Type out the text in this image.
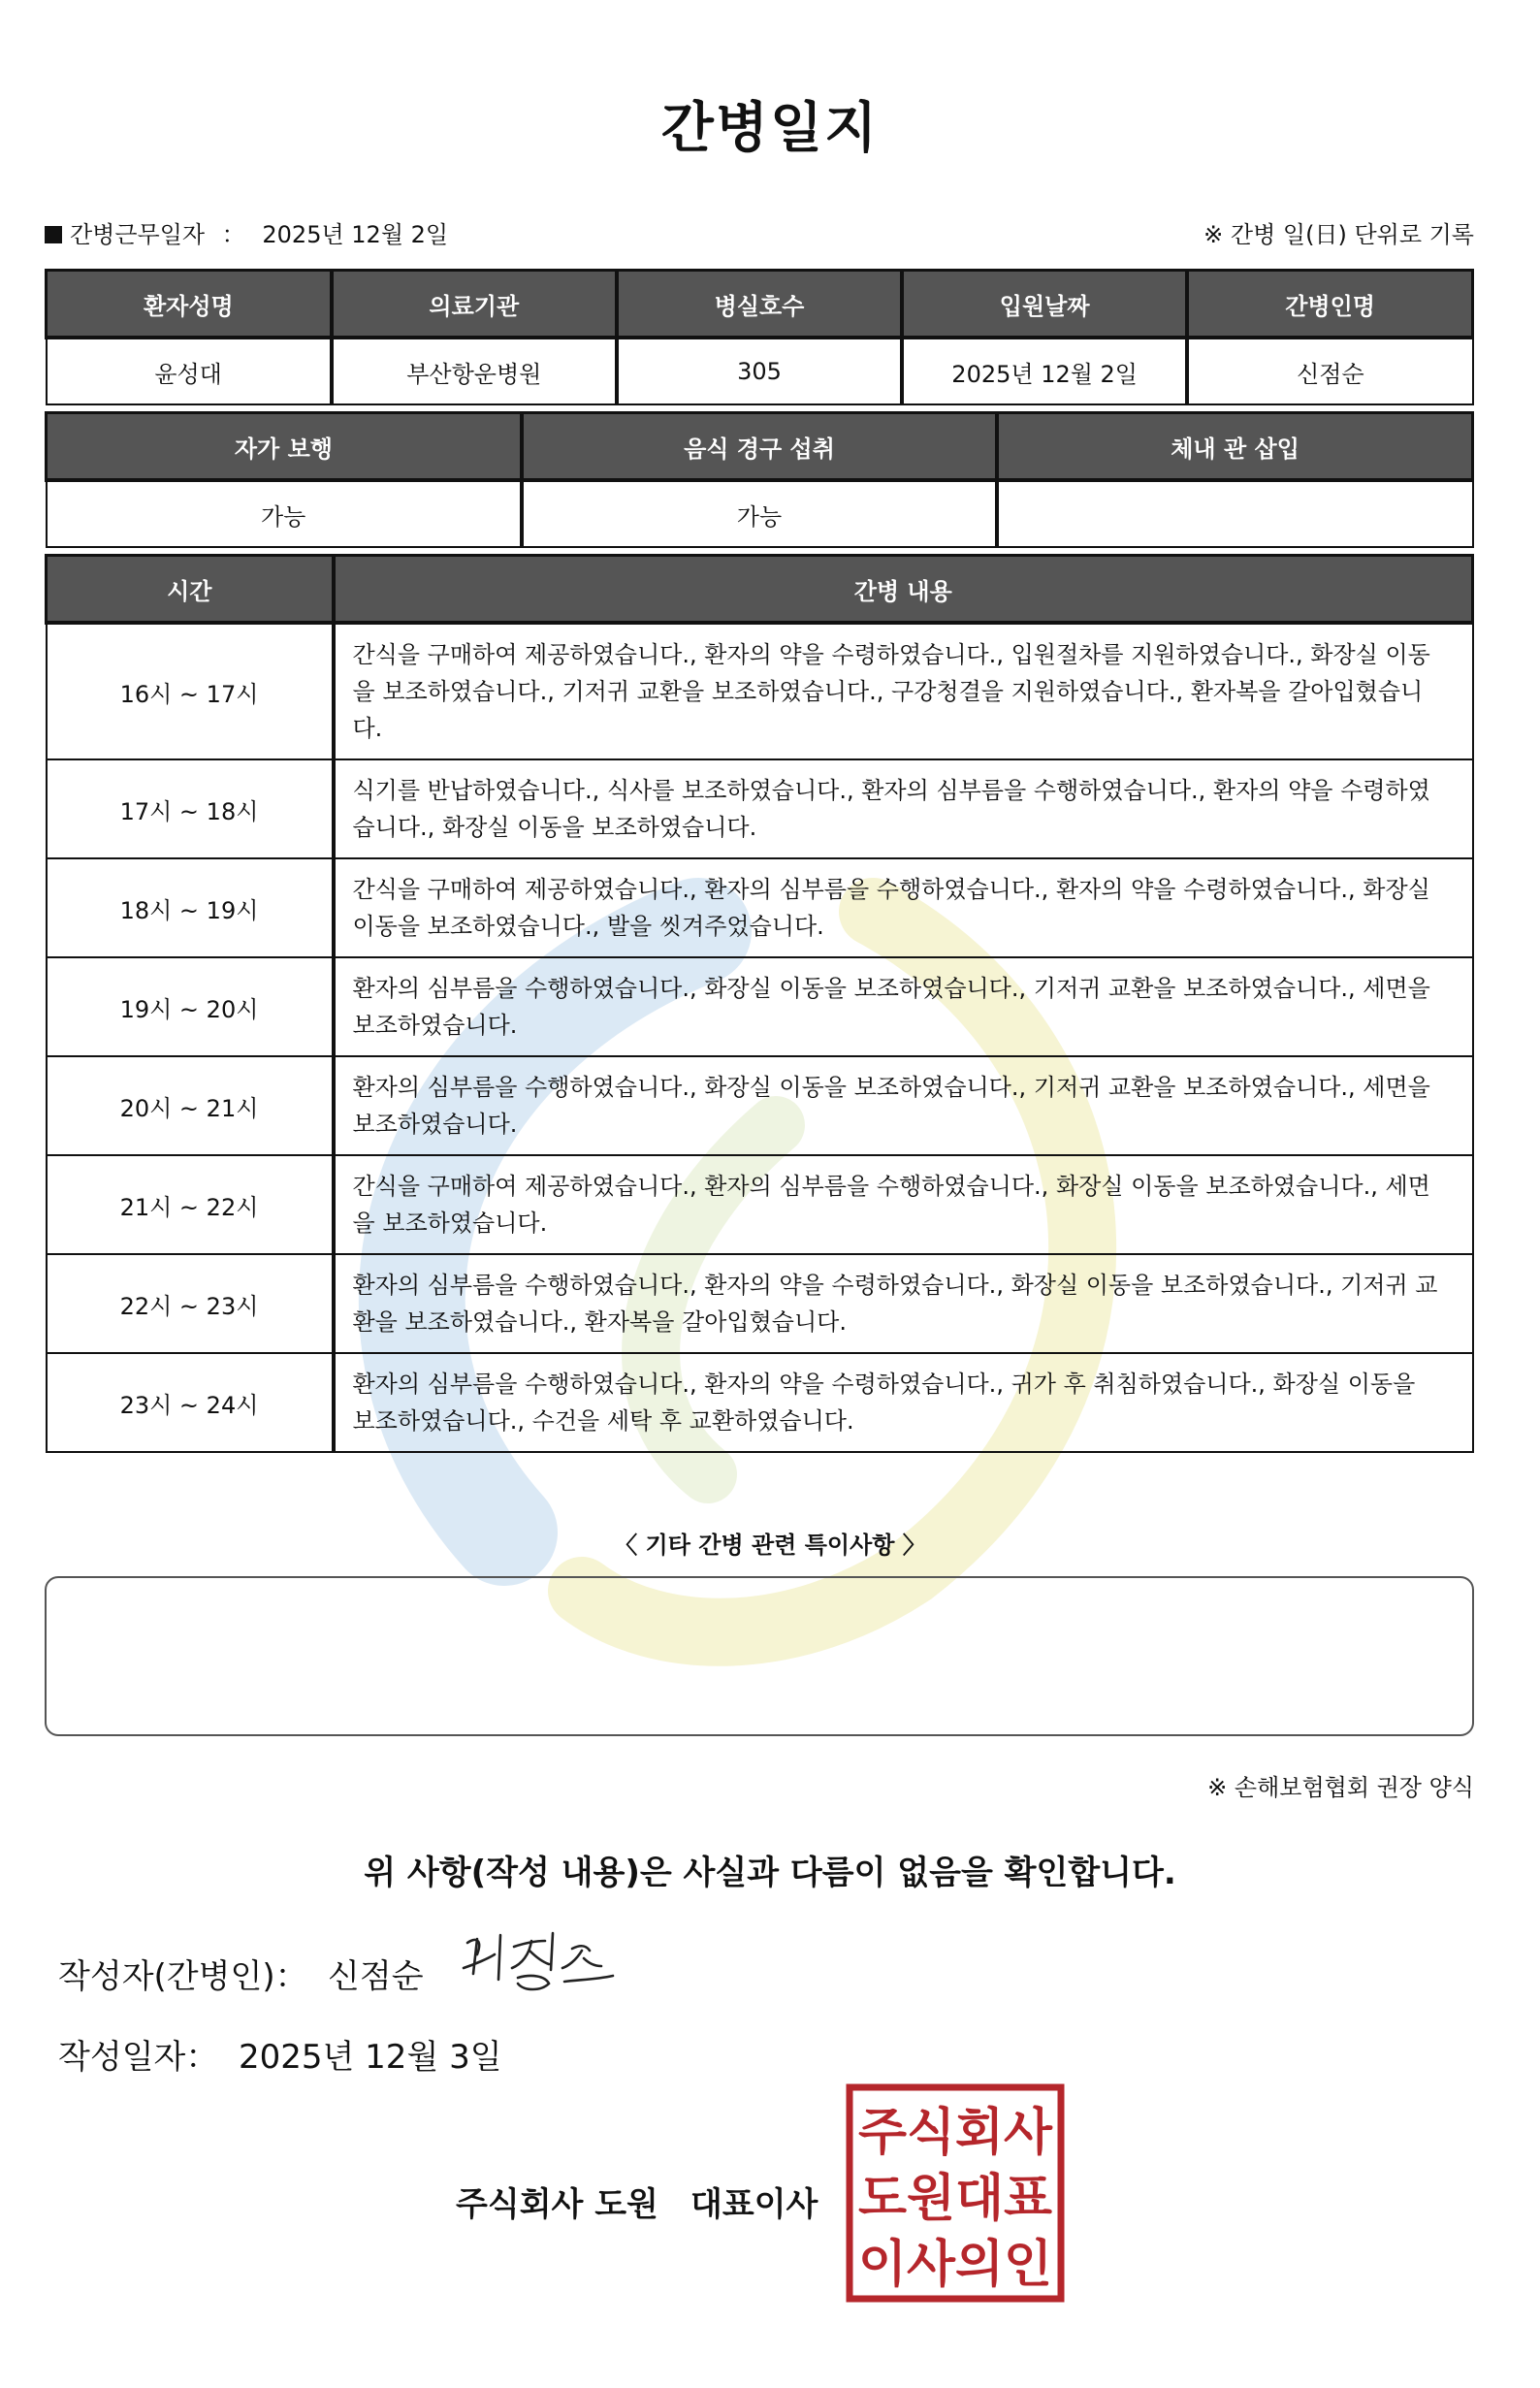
간병일지
간병근무일자 ： 2025년 12월 2일	※ 간병 일(日) 단위로 기록
환자성명	의료기관	병실호수	입원날짜	간병인명
윤성대	부산항운병원	305	2025년 12월 2일	신점순
자가 보행	음식 경구 섭취	체내 관 삽입
가능	가능	
시간	간병 내용
16시 ~ 17시	간식을 구매하여 제공하였습니다., 환자의 약을 수령하였습니다., 입원절차를 지원하였습니다., 화장실 이동
을 보조하였습니다., 기저귀 교환을 보조하였습니다., 구강청결을 지원하였습니다., 환자복을 갈아입혔습니
다.

17시 ~ 18시	식기를 반납하였습니다., 식사를 보조하였습니다., 환자의 심부름을 수행하였습니다., 환자의 약을 수령하였
습니다., 화장실 이동을 보조하였습니다.

18시 ~ 19시	간식을 구매하여 제공하였습니다., 환자의 심부름을 수행하였습니다., 환자의 약을 수령하였습니다., 화장실
이동을 보조하였습니다., 발을 씻겨주었습니다.

19시 ~ 20시	환자의 심부름을 수행하였습니다., 화장실 이동을 보조하였습니다., 기저귀 교환을 보조하였습니다., 세면을
보조하였습니다.

20시 ~ 21시	환자의 심부름을 수행하였습니다., 화장실 이동을 보조하였습니다., 기저귀 교환을 보조하였습니다., 세면을
보조하였습니다.

21시 ~ 22시	간식을 구매하여 제공하였습니다., 환자의 심부름을 수행하였습니다., 화장실 이동을 보조하였습니다., 세면
을 보조하였습니다.

22시 ~ 23시	환자의 심부름을 수행하였습니다., 환자의 약을 수령하였습니다., 화장실 이동을 보조하였습니다., 기저귀 교
환을 보조하였습니다., 환자복을 갈아입혔습니다.

23시 ~ 24시	환자의 심부름을 수행하였습니다., 환자의 약을 수령하였습니다., 귀가 후 취침하였습니다., 화장실 이동을
보조하였습니다., 수건을 세탁 후 교환하였습니다.
〈 기타 간병 관련 특이사항 〉
※ 손해보험협회 권장 양식
위 사항(작성 내용)은 사실과 다름이 없음을 확인합니다.
작성자(간병인)： 신점순
작성일자： 2025년 12월 3일
주식회사 도원 대표이사
주식회사
도원대표
이사의인
